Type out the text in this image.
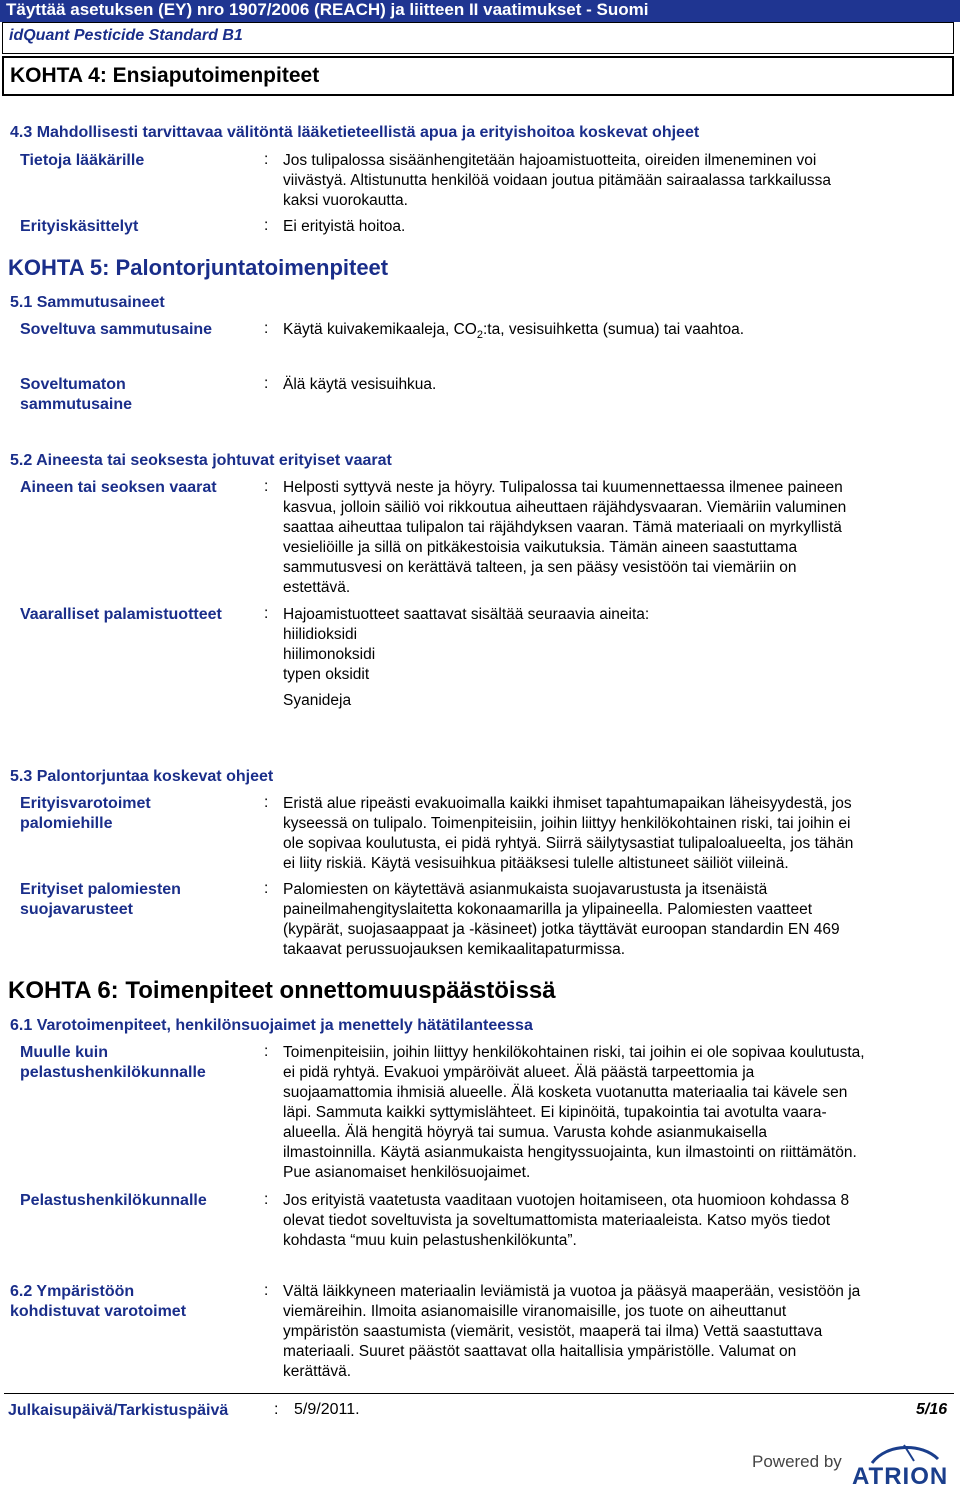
Täyttää asetuksen (EY) nro 1907/2006 (REACH) ja liitteen II vaatimukset - Suomi
idQuant Pesticide Standard B1
KOHTA 4: Ensiaputoimenpiteet
4.3 Mahdollisesti tarvittavaa välitöntä lääketieteellistä apua ja erityishoitoa koskevat ohjeet
Tietoja lääkärille	: Jos tulipalossa sisäänhengitetään hajoamistuotteita, oireiden ilmeneminen voi
viivästyä. Altistunutta henkilöä voidaan joutua pitämään sairaalassa tarkkailussa
kaksi vuorokautta.
Erityiskäsittelyt	: Ei erityistä hoitoa.
KOHTA 5: Palontorjuntatoimenpiteet
5.1 Sammutusaineet
Soveltuva sammutusaine	: Käytä kuivakemikaaleja, $CO_2:ta$, vesisuihketta (sumua) tai vaahtoa.
Soveltumaton
sammutusaine
: Älä käytä vesisuihkua.
5.2 Aineesta tai seoksesta johtuvat erityiset vaarat
Aineen tai seoksen vaarat	: Helposti syttyvä neste ja höyry. Tulipalossa tai kuumennettaessa ilmenee paineen
kasvua, jolloin säiliö voi rikkoutua aiheuttaen räjähdysvaaran. Viemäriin valuminen
saattaa aiheuttaa tulipalon tai räjähdyksen vaaran. Tämä materiaali on myrkyllistä
vesieliöille ja sillä on pitkäkestoisia vaikutuksia. Tämän aineen saastuttama
sammutusvesi on kerättävä talteen, ja sen pääsy vesistöön tai viemäriin on
estettävä.
Vaaralliset palamistuotteet	: Hajoamistuotteet saattavat sisältää seuraavia aineita:
hiilidioksidi
hiilimonoksidi
typen oksidit
Syanideja
5.3 Palontorjuntaa koskevat ohjeet
Erityisvarotoimet
palomiehille
: Eristä alue ripeästi evakuoimalla kaikki ihmiset tapahtumapaikan läheisyydestä, jos
kyseessä on tulipalo. Toimenpiteisiin, joihin liittyy henkilökohtainen riski, tai joihin ei
ole sopivaa koulutusta, ei pidä ryhtyä. Siirrä säilytysastiat tulipaloalueelta, jos tähän
ei liity riskiä. Käytä vesisuihkua pitääksesi tulelle altistuneet säiliöt viileinä.
Erityiset palomiesten
suojavarusteet
: Palomiesten on käytettävä asianmukaista suojavarustusta ja itsenäistä
paineilmahengityslaitetta kokonaamarilla ja ylipaineella. Palomiesten vaatteet
(kypärät, suojasaappaat ja -käsineet) jotka täyttävät euroopan standardin EN 469
takaavat perussuojauksen kemikaalitapaturmissa.
KOHTA 6: Toimenpiteet onnettomuuspäästöissä
6.1 Varotoimenpiteet, henkilönsuojaimet ja menettely hätätilanteessa
Muulle kuin
pelastushenkilökunnalle
: Toimenpiteisiin, joihin liittyy henkilökohtainen riski, tai joihin ei ole sopivaa koulutusta,
ei pidä ryhtyä. Evakuoi ympäröivät alueet. Älä päästä tarpeettomia ja
suojaamattomia ihmisiä alueelle. Älä kosketa vuotanutta materiaalia tai kävele sen
läpi. Sammuta kaikki syttymislähteet. Ei kipinöitä, tupakointia tai avotulta vaara-
alueella. Älä hengitä höyryä tai sumua. Varusta kohde asianmukaisella
ilmastoinnilla. Käytä asianmukaista hengityssuojainta, kun ilmastointi on riittämätön.
Pue asianomaiset henkilösuojaimet.
Pelastushenkilökunnalle	: Jos erityistä vaatetusta vaaditaan vuotojen hoitamiseen, ota huomioon kohdassa 8
olevat tiedot soveltuvista ja soveltumattomista materiaaleista. Katso myös tiedot
kohdasta “muu kuin pelastushenkilökunta”.
6.2 Ympäristöön
kohdistuvat varotoimet
: Vältä läikkyneen materiaalin leviämistä ja vuotoa ja pääsyä maaperään, vesistöön ja
viemäreihin. Ilmoita asianomaisille viranomaisille, jos tuote on aiheuttanut
ympäristön saastumista (viemärit, vesistöt, maaperä tai ilma) Vettä saastuttava
materiaali. Suuret päästöt saattavat olla haitallisia ympäristölle. Valumat on
kerättävä.
Julkaisupäivä/Tarkistuspäivä	: 5/9/2011.	5/16
Powered by
ATRION
